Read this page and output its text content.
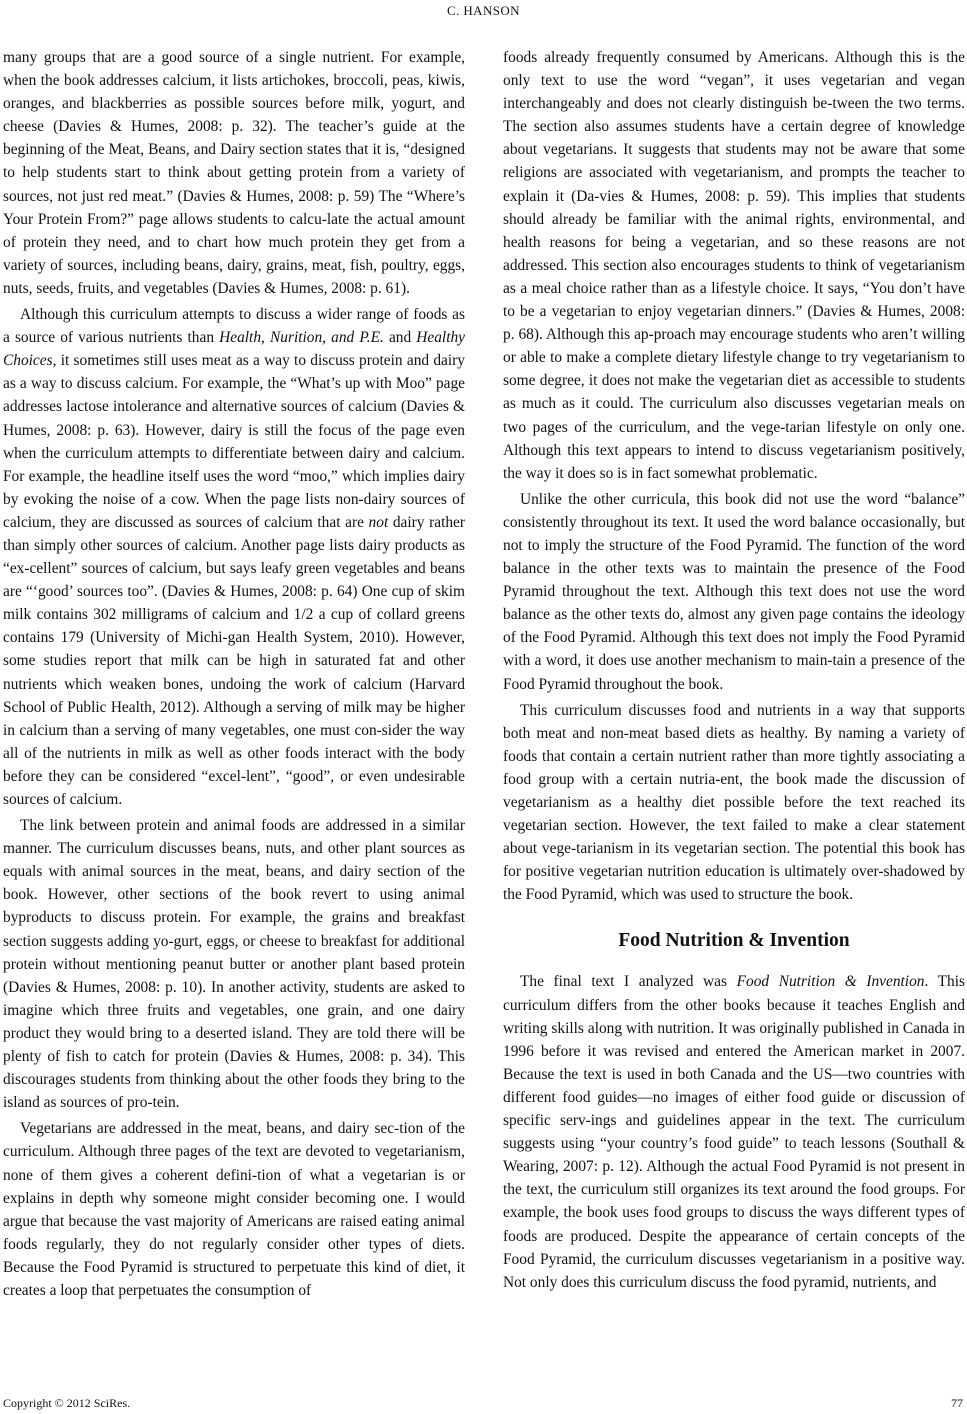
C. HANSON

many groups that are a good source of a single nutrient. For example, when the book addresses calcium, it lists artichokes, broccoli, peas, kiwis, oranges, and blackberries as possible sources before milk, yogurt, and cheese (Davies & Humes, 2008: p. 32). The teacher’s guide at the beginning of the Meat, Beans, and Dairy section states that it is, “designed to help students start to think about getting protein from a variety of sources, not just red meat.” (Davies & Humes, 2008: p. 59) The “Where’s Your Protein From?” page allows students to calcu-late the actual amount of protein they need, and to chart how much protein they get from a variety of sources, including beans, dairy, grains, meat, fish, poultry, eggs, nuts, seeds, fruits, and vegetables (Davies & Humes, 2008: p. 61).

Although this curriculum attempts to discuss a wider range of foods as a source of various nutrients than Health, Nurition, and P.E. and Healthy Choices, it sometimes still uses meat as a way to discuss protein and dairy as a way to discuss calcium. For example, the “What’s up with Moo” page addresses lactose intolerance and alternative sources of calcium (Davies & Humes, 2008: p. 63). However, dairy is still the focus of the page even when the curriculum attempts to differentiate between dairy and calcium. For example, the headline itself uses the word “moo,” which implies dairy by evoking the noise of a cow. When the page lists non-dairy sources of calcium, they are discussed as sources of calcium that are not dairy rather than simply other sources of calcium. Another page lists dairy products as “ex-cellent” sources of calcium, but says leafy green vegetables and beans are “‘good’ sources too”. (Davies & Humes, 2008: p. 64) One cup of skim milk contains 302 milligrams of calcium and 1/2 a cup of collard greens contains 179 (University of Michi-gan Health System, 2010). However, some studies report that milk can be high in saturated fat and other nutrients which weaken bones, undoing the work of calcium (Harvard School of Public Health, 2012). Although a serving of milk may be higher in calcium than a serving of many vegetables, one must con-sider the way all of the nutrients in milk as well as other foods interact with the body before they can be considered “excel-lent”, “good”, or even undesirable sources of calcium.

The link between protein and animal foods are addressed in a similar manner. The curriculum discusses beans, nuts, and other plant sources as equals with animal sources in the meat, beans, and dairy section of the book. However, other sections of the book revert to using animal byproducts to discuss protein. For example, the grains and breakfast section suggests adding yo-gurt, eggs, or cheese to breakfast for additional protein without mentioning peanut butter or another plant based protein (Davies & Humes, 2008: p. 10). In another activity, students are asked to imagine which three fruits and vegetables, one grain, and one dairy product they would bring to a deserted island. They are told there will be plenty of fish to catch for protein (Davies & Humes, 2008: p. 34). This discourages students from thinking about the other foods they bring to the island as sources of pro-tein.

Vegetarians are addressed in the meat, beans, and dairy sec-tion of the curriculum. Although three pages of the text are devoted to vegetarianism, none of them gives a coherent defini-tion of what a vegetarian is or explains in depth why someone might consider becoming one. I would argue that because the vast majority of Americans are raised eating animal foods regularly, they do not regularly consider other types of diets. Because the Food Pyramid is structured to perpetuate this kind of diet, it creates a loop that perpetuates the consumption of

foods already frequently consumed by Americans. Although this is the only text to use the word “vegan”, it uses vegetarian and vegan interchangeably and does not clearly distinguish be-tween the two terms. The section also assumes students have a certain degree of knowledge about vegetarians. It suggests that students may not be aware that some religions are associated with vegetarianism, and prompts the teacher to explain it (Da-vies & Humes, 2008: p. 59). This implies that students should already be familiar with the animal rights, environmental, and health reasons for being a vegetarian, and so these reasons are not addressed. This section also encourages students to think of vegetarianism as a meal choice rather than as a lifestyle choice. It says, “You don’t have to be a vegetarian to enjoy vegetarian dinners.” (Davies & Humes, 2008: p. 68). Although this ap-proach may encourage students who aren’t willing or able to make a complete dietary lifestyle change to try vegetarianism to some degree, it does not make the vegetarian diet as accessible to students as much as it could. The curriculum also discusses vegetarian meals on two pages of the curriculum, and the vege-tarian lifestyle on only one. Although this text appears to intend to discuss vegetarianism positively, the way it does so is in fact somewhat problematic.

Unlike the other curricula, this book did not use the word “balance” consistently throughout its text. It used the word balance occasionally, but not to imply the structure of the Food Pyramid. The function of the word balance in the other texts was to maintain the presence of the Food Pyramid throughout the text. Although this text does not use the word balance as the other texts do, almost any given page contains the ideology of the Food Pyramid. Although this text does not imply the Food Pyramid with a word, it does use another mechanism to main-tain a presence of the Food Pyramid throughout the book.

This curriculum discusses food and nutrients in a way that supports both meat and non-meat based diets as healthy. By naming a variety of foods that contain a certain nutrient rather than more tightly associating a food group with a certain nutria-ent, the book made the discussion of vegetarianism as a healthy diet possible before the text reached its vegetarian section. However, the text failed to make a clear statement about vege-tarianism in its vegetarian section. The potential this book has for positive vegetarian nutrition education is ultimately over-shadowed by the Food Pyramid, which was used to structure the book.

Food Nutrition & Invention

The final text I analyzed was Food Nutrition & Invention. This curriculum differs from the other books because it teaches English and writing skills along with nutrition. It was originally published in Canada in 1996 before it was revised and entered the American market in 2007. Because the text is used in both Canada and the US—two countries with different food guides—no images of either food guide or discussion of specific serv-ings and guidelines appear in the text. The curriculum suggests using “your country’s food guide” to teach lessons (Southall & Wearing, 2007: p. 12). Although the actual Food Pyramid is not present in the text, the curriculum still organizes its text around the food groups. For example, the book uses food groups to discuss the ways different types of foods are produced. Despite the appearance of certain concepts of the Food Pyramid, the curriculum discusses vegetarianism in a positive way. Not only does this curriculum discuss the food pyramid, nutrients, and

Copyright © 2012 SciRes.	77
